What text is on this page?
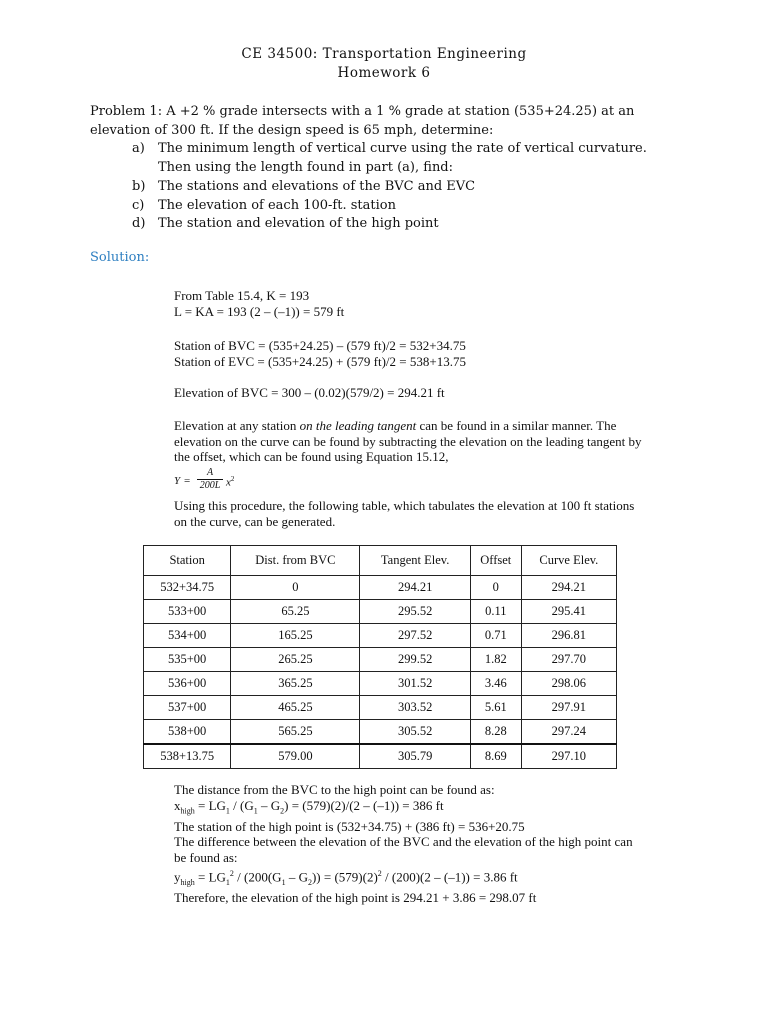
CE 34500: Transportation Engineering
Homework 6

Problem 1: A +2 % grade intersects with a 1 % grade at station (535+24.25) at an elevation of 300 ft. If the design speed is 65 mph, determine:

a) The minimum length of vertical curve using the rate of vertical curvature. Then using the length found in part (a), find:
b) The stations and elevations of the BVC and EVC
c) The elevation of each 100-ft. station
d) The station and elevation of the high point
Solution:

From Table 15.4, K = 193

L = KA = 193 (2 – (–1)) = 579 ft

Station of BVC = (535+24.25) – (579 ft)/2 = 532+34.75

Station of EVC = (535+24.25) + (579 ft)/2 = 538+13.75

Elevation of BVC = 300 – (0.02)(579/2) = 294.21 ft

Elevation at any station on the leading tangent can be found in a similar manner. The elevation on the curve can be found by subtracting the elevation on the leading tangent by the offset, which can be found using Equation 15.12,

$Y = \frac{A}{200L} x^2$

Using this procedure, the following table, which tabulates the elevation at 100 ft stations on the curve, can be generated.

Station	Dist. from BVC	Tangent Elev.	Offset	Curve Elev.
532+34.75	0	294.21	0	294.21
533+00	65.25	295.52	0.11	295.41
534+00	165.25	297.52	0.71	296.81
535+00	265.25	299.52	1.82	297.70
536+00	365.25	301.52	3.46	298.06
537+00	465.25	303.52	5.61	297.91
538+00	565.25	305.52	8.28	297.24
538+13.75	579.00	305.79	8.69	297.10

The distance from the BVC to the high point can be found as:

$x_{high} = LG_1 / (G_1 - G_2) = (579)(2)/(2 - (-1)) = 386$ ft

The station of the high point is (532+34.75) + (386 ft) = 536+20.75

The difference between the elevation of the BVC and the elevation of the high point can be found as:

$y_{high} = LG_1^2 / (200(G_1 - G_2)) = (579)(2)^2 / (200)(2 - (-1)) = 3.86$ ft

Therefore, the elevation of the high point is 294.21 + 3.86 = 298.07 ft
